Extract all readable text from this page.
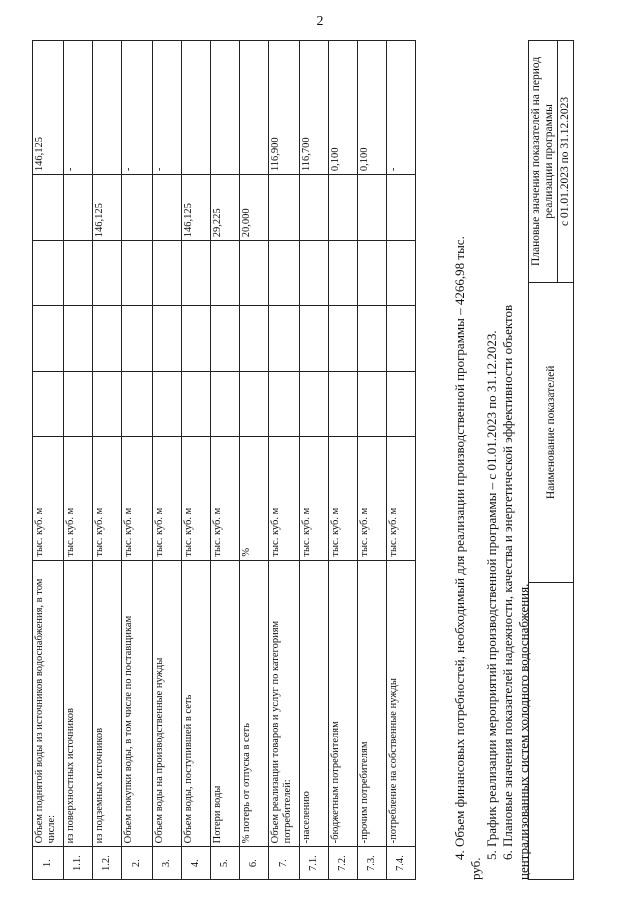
2
1.	Объем поднятой воды из источников водоснабжения, в том числе:	тыс. куб. м					146,125
1.1.	из поверхностных источников	тыс. куб. м					-
1.2.	из подземных источников	тыс. куб. м				146,125	
2.	Объем покупки воды, в том числе по поставщикам	тыс. куб. м					-
3.	Объем воды на производственные нужды	тыс. куб. м					-
4.	Объем воды, поступившей в сеть	тыс. куб. м				146,125	
5.	Потери воды	тыс. куб. м				29,225	
6.	% потерь от отпуска в сеть	%				20,000	
7.	Объем реализации товаров и услуг по категориям потребителей:	тыс. куб. м					116,900
7.1.	-населению	тыс. куб. м					116,700
7.2.	-бюджетным потребителям	тыс. куб. м					0,100
7.3.	-прочим потребителям	тыс. куб. м					0,100
7.4.	-потребление на собственные нужды	тыс. куб. м					-

4. Объем финансовых потребностей, необходимый для реализации производственной программы – 4266,98 тыс.

руб.

5. График реализации мероприятий производственной программы – с 01.01.2023 по 31.12.2023. 6. Плановые значения показателей надежности, качества и энергетической эффективности объектов централизованных систем холодного водоснабжения.

	Наименование показателей	Плановые значения показателей на период реализации программы
с 01.01.2023 по 31.12.2023
